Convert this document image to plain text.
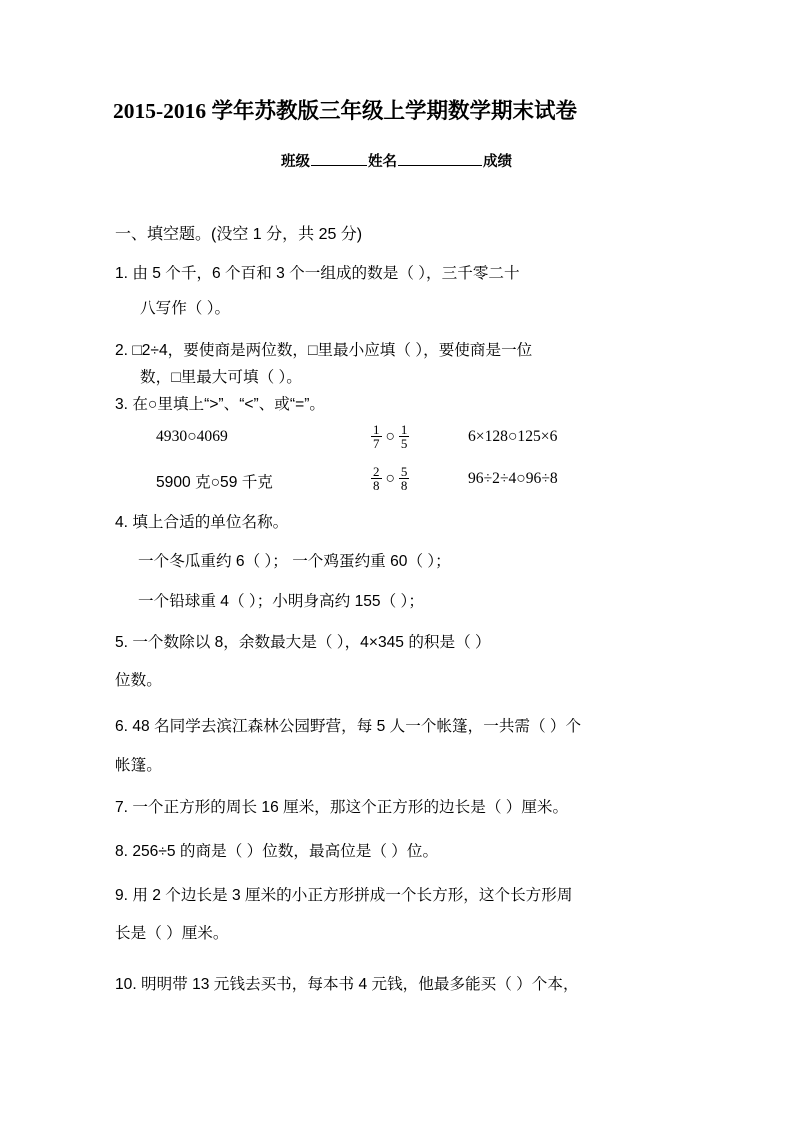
2015-2016 学年苏教版三年级上学期数学期末试卷
班级	姓名	成绩
一、填空题。(没空 1 分，共 25 分)
1. 由 5 个千，6 个百和 3 个一组成的数是（ ），三千零二十
八写作（ ）。
2. □2÷4，要使商是两位数，□里最小应填（ ），要使商是一位
数，□里最大可填（ ）。
3. 在○里填上“>”、“<”、或“=”。
4930○4069	$\frac{1}{7}$ ○ $\frac{1}{5}$	6×128○125×6
5900 克○59 千克	$\frac{2}{8}$ ○ $\frac{5}{8}$	96÷2÷4○96÷8
4. 填上合适的单位名称。
一个冬瓜重约 6（ ）； 一个鸡蛋约重 60（ ）；
一个铅球重 4（ ）；小明身高约 155（ ）；
5. 一个数除以 8，余数最大是（ ），4×345 的积是（ ）
位数。
6. 48 名同学去滨江森林公园野营，每 5 人一个帐篷，一共需（ ）个
帐篷。
7. 一个正方形的周长 16 厘米，那这个正方形的边长是（ ）厘米。
8. 256÷5 的商是（ ）位数，最高位是（ ）位。
9. 用 2 个边长是 3 厘米的小正方形拼成一个长方形，这个长方形周
长是（ ）厘米。
10. 明明带 13 元钱去买书，每本书 4 元钱，他最多能买（ ）个本，
